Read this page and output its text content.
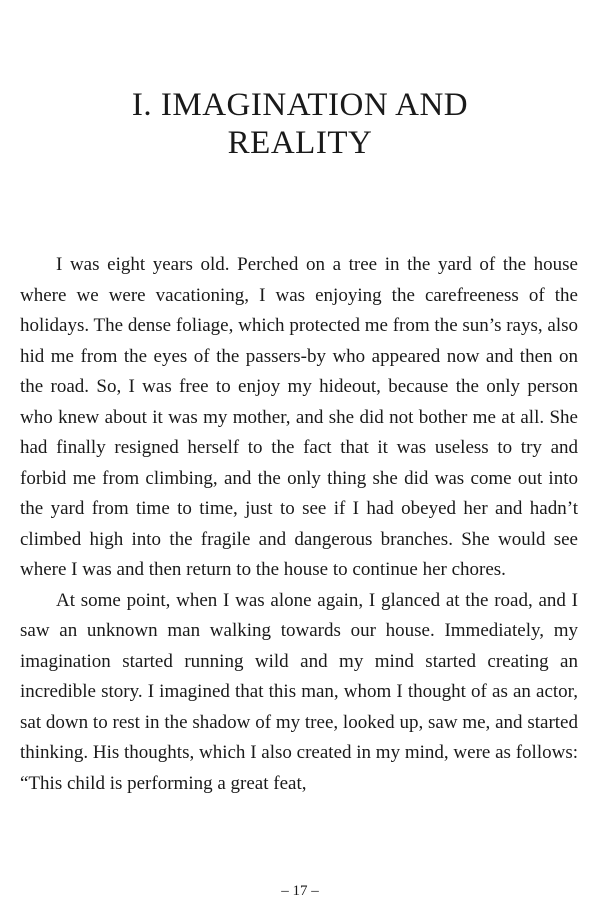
I. IMAGINATION AND
REALITY

I was eight years old. Perched on a tree in the yard of the house where we were vacationing, I was enjoying the carefreeness of the holidays. The dense foliage, which protected me from the sun’s rays, also hid me from the eyes of the passers-by who appeared now and then on the road. So, I was free to enjoy my hideout, because the only person who knew about it was my mother, and she did not bother me at all. She had finally resigned herself to the fact that it was useless to try and forbid me from climbing, and the only thing she did was come out into the yard from time to time, just to see if I had obeyed her and hadn’t climbed high into the fragile and dangerous branches. She would see where I was and then return to the house to continue her chores.

At some point, when I was alone again, I glanced at the road, and I saw an unknown man walking towards our house. Immediately, my imagination started running wild and my mind started creating an incredible story. I imagined that this man, whom I thought of as an actor, sat down to rest in the shadow of my tree, looked up, saw me, and started thinking. His thoughts, which I also created in my mind, were as follows: “This child is performing a great feat,

– 17 –
